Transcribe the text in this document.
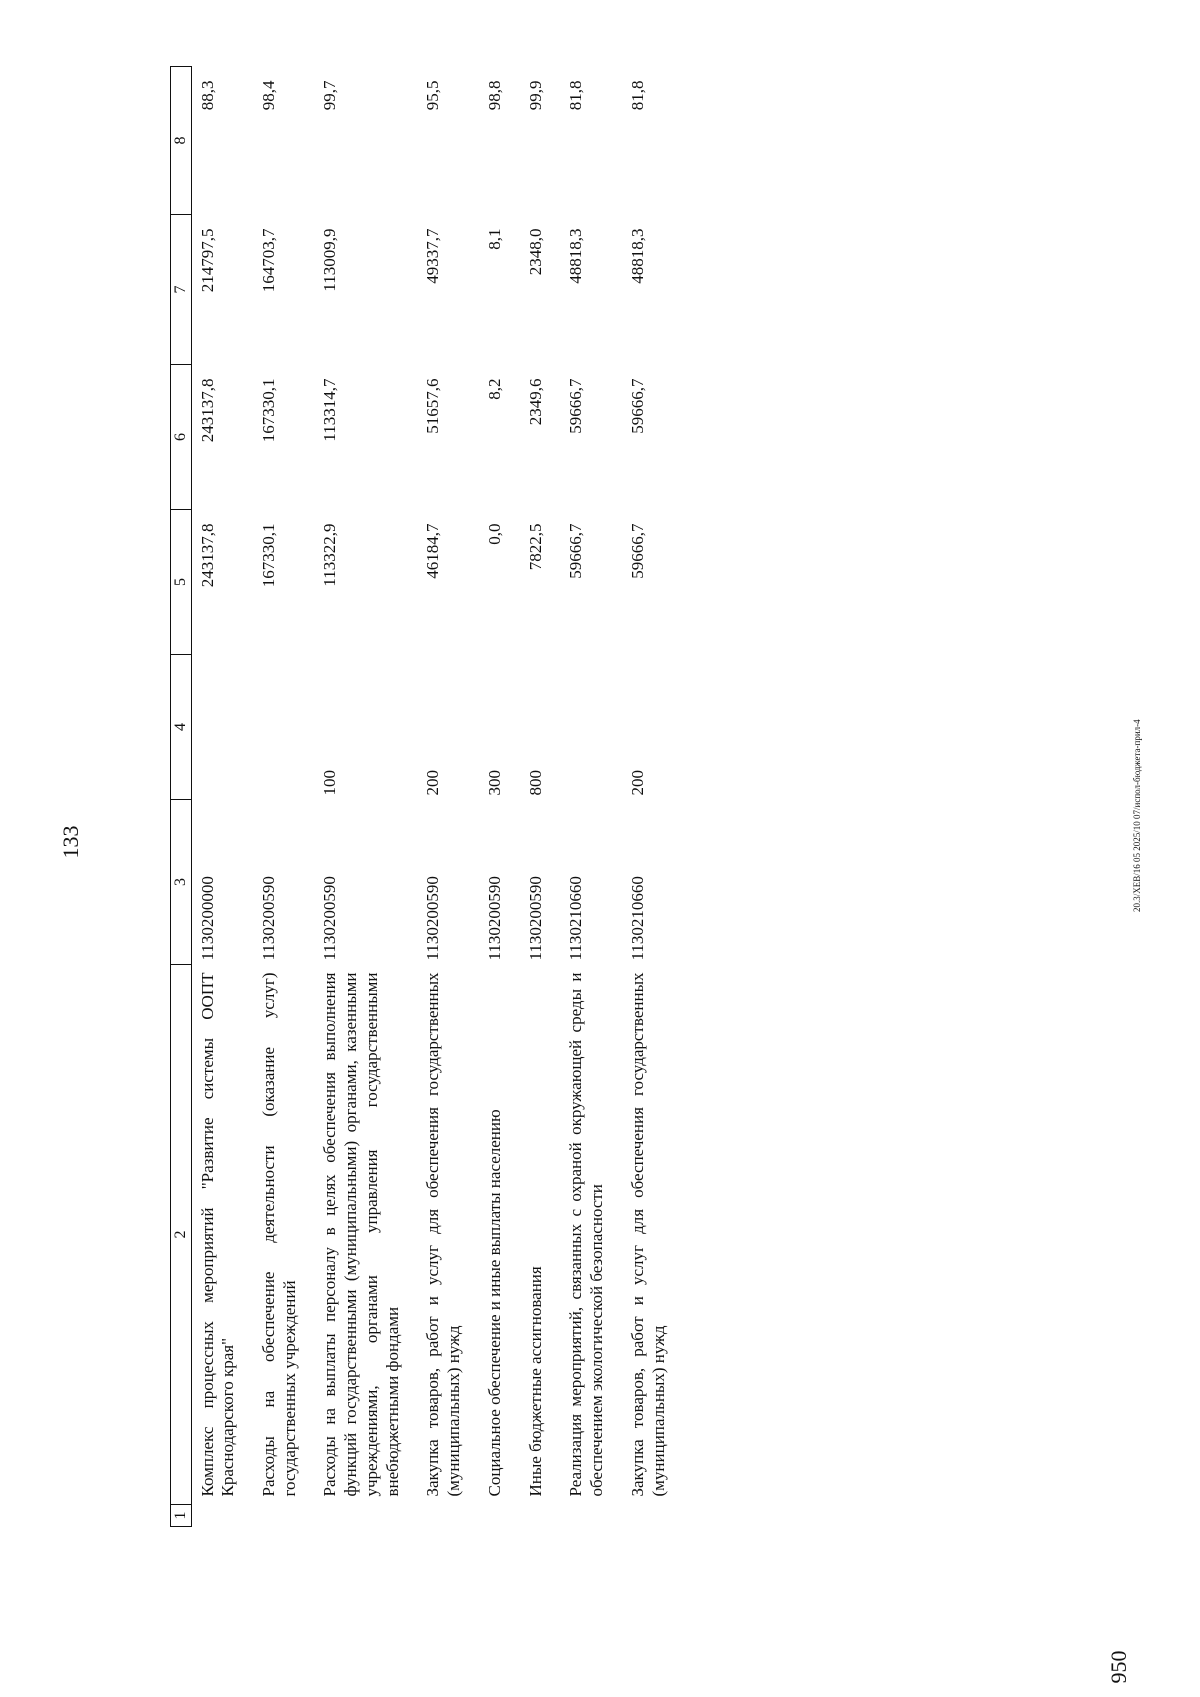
133
1	2	3	4	5	6	7	8
	Комплекс процессных мероприятий "Развитие системы ООПТ Краснодарского края"	1130200000		243137,8	243137,8	214797,5	88,3
	Расходы на обеспечение деятельности (оказание услуг) государственных учреждений	1130200590		167330,1	167330,1	164703,7	98,4
	Расходы на выплаты персоналу в целях обеспечения выполнения функций государственными (муниципальными) органами, казенными учреждениями, органами управления государственными внебюджетными фондами	1130200590	100	113322,9	113314,7	113009,9	99,7
	Закупка товаров, работ и услуг для обеспечения государственных (муниципальных) нужд	1130200590	200	46184,7	51657,6	49337,7	95,5
	Социальное обеспечение и иные выплаты населению	1130200590	300	0,0	8,2	8,1	98,8
	Иные бюджетные ассигнования	1130200590	800	7822,5	2349,6	2348,0	99,9
	Реализация мероприятий, связанных с охраной окружающей среды и обеспечением экологической безопасности	1130210660		59666,7	59666,7	48818,3	81,8
	Закупка товаров, работ и услуг для обеспечения государственных (муниципальных) нужд	1130210660	200	59666,7	59666,7	48818,3	81,8
20.3/XEB/16 05 2025/10 07/испол-бюджета-прил-4
950
